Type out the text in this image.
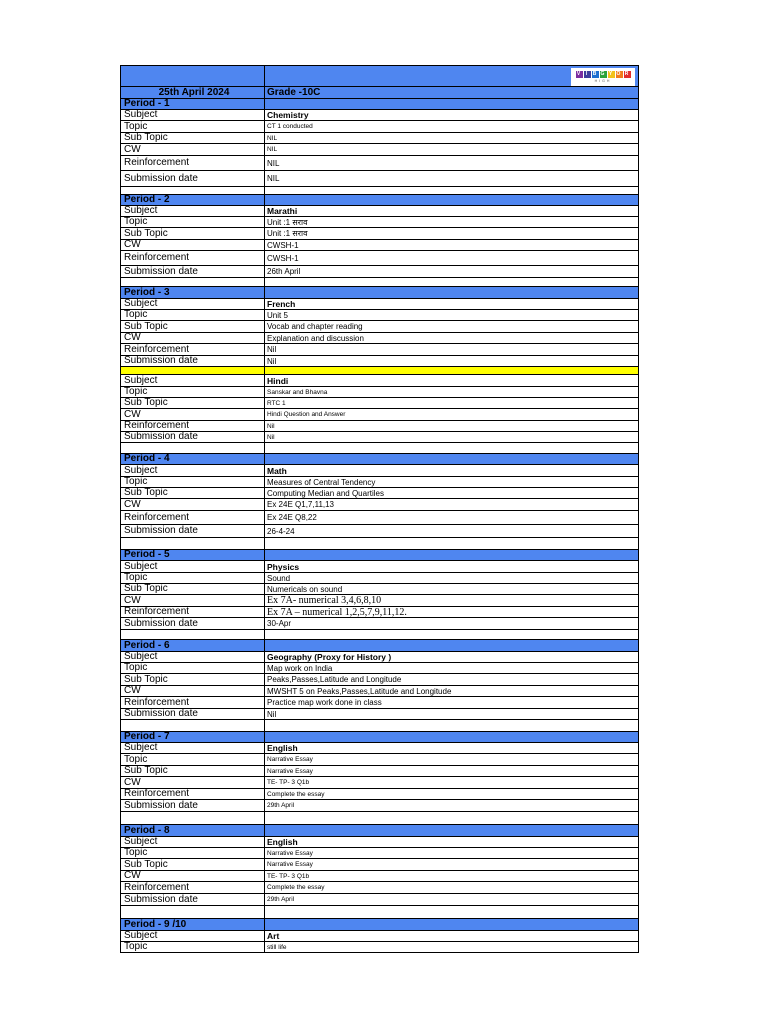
V I B G Y O R
HIGH
25th April 2024	Grade -10C
Period - 1
Subject	Chemistry
Topic	CT 1 conducted
Sub Topic	NIL
CW	NIL
Reinforcement	NIL
Submission date	NIL
Period - 2
Subject	Marathi
Topic	Unit :1 सराव
Sub Topic	Unit :1 सराव
CW	CWSH-1
Reinforcement	CWSH-1
Submission date	26th April
Period - 3
Subject	French
Topic	Unit 5
Sub Topic	Vocab and chapter reading
CW	Explanation and discussion
Reinforcement	Nil
Submission date	Nil
Subject	Hindi
Topic	Sanskar and Bhavna
Sub Topic	RTC 1
CW	Hindi Question and Answer
Reinforcement	Nil
Submission date	Nil
Period - 4
Subject	Math
Topic	Measures of Central Tendency
Sub Topic	Computing Median and Quartiles
CW	Ex 24E Q1,7,11,13
Reinforcement	Ex 24E Q8,22
Submission date	26-4-24
Period - 5
Subject	Physics
Topic	Sound
Sub Topic	Numericals on sound
CW	Ex 7A- numerical 3,4,6,8,10
Reinforcement	Ex 7A – numerical 1,2,5,7,9,11,12.
Submission date	30-Apr
Period - 6
Subject	Geography (Proxy for History )
Topic	Map work on India
Sub Topic	Peaks,Passes,Latitude and Longitude
CW	MWSHT 5 on Peaks,Passes,Latitude and Longitude
Reinforcement	Practice map work done in class
Submission date	Nil
Period - 7
Subject	English
Topic	Narrative Essay
Sub Topic	Narrative Essay
CW	TE- TP- 3 Q1b
Reinforcement	Complete the essay
Submission date	29th April
Period - 8
Subject	English
Topic	Narrative Essay
Sub Topic	Narrative Essay
CW	TE- TP- 3 Q1b
Reinforcement	Complete the essay
Submission date	29th April
Period - 9 /10
Subject	Art
Topic	still life
